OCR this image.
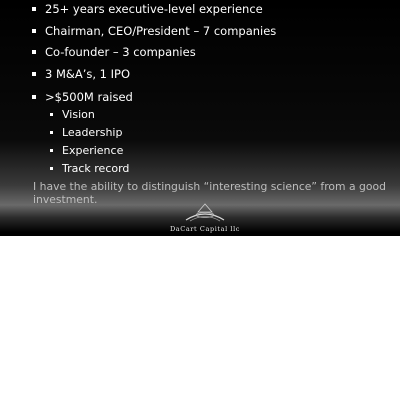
25+ years executive-level experience
Chairman, CEO/President – 7 companies
Co-founder – 3 companies
3 M&A’s, 1 IPO
>$500M raised
Vision
Leadership
Experience
Track record
I have the ability to distinguish “interesting science” from a good investment.
DaCart Capital llc
